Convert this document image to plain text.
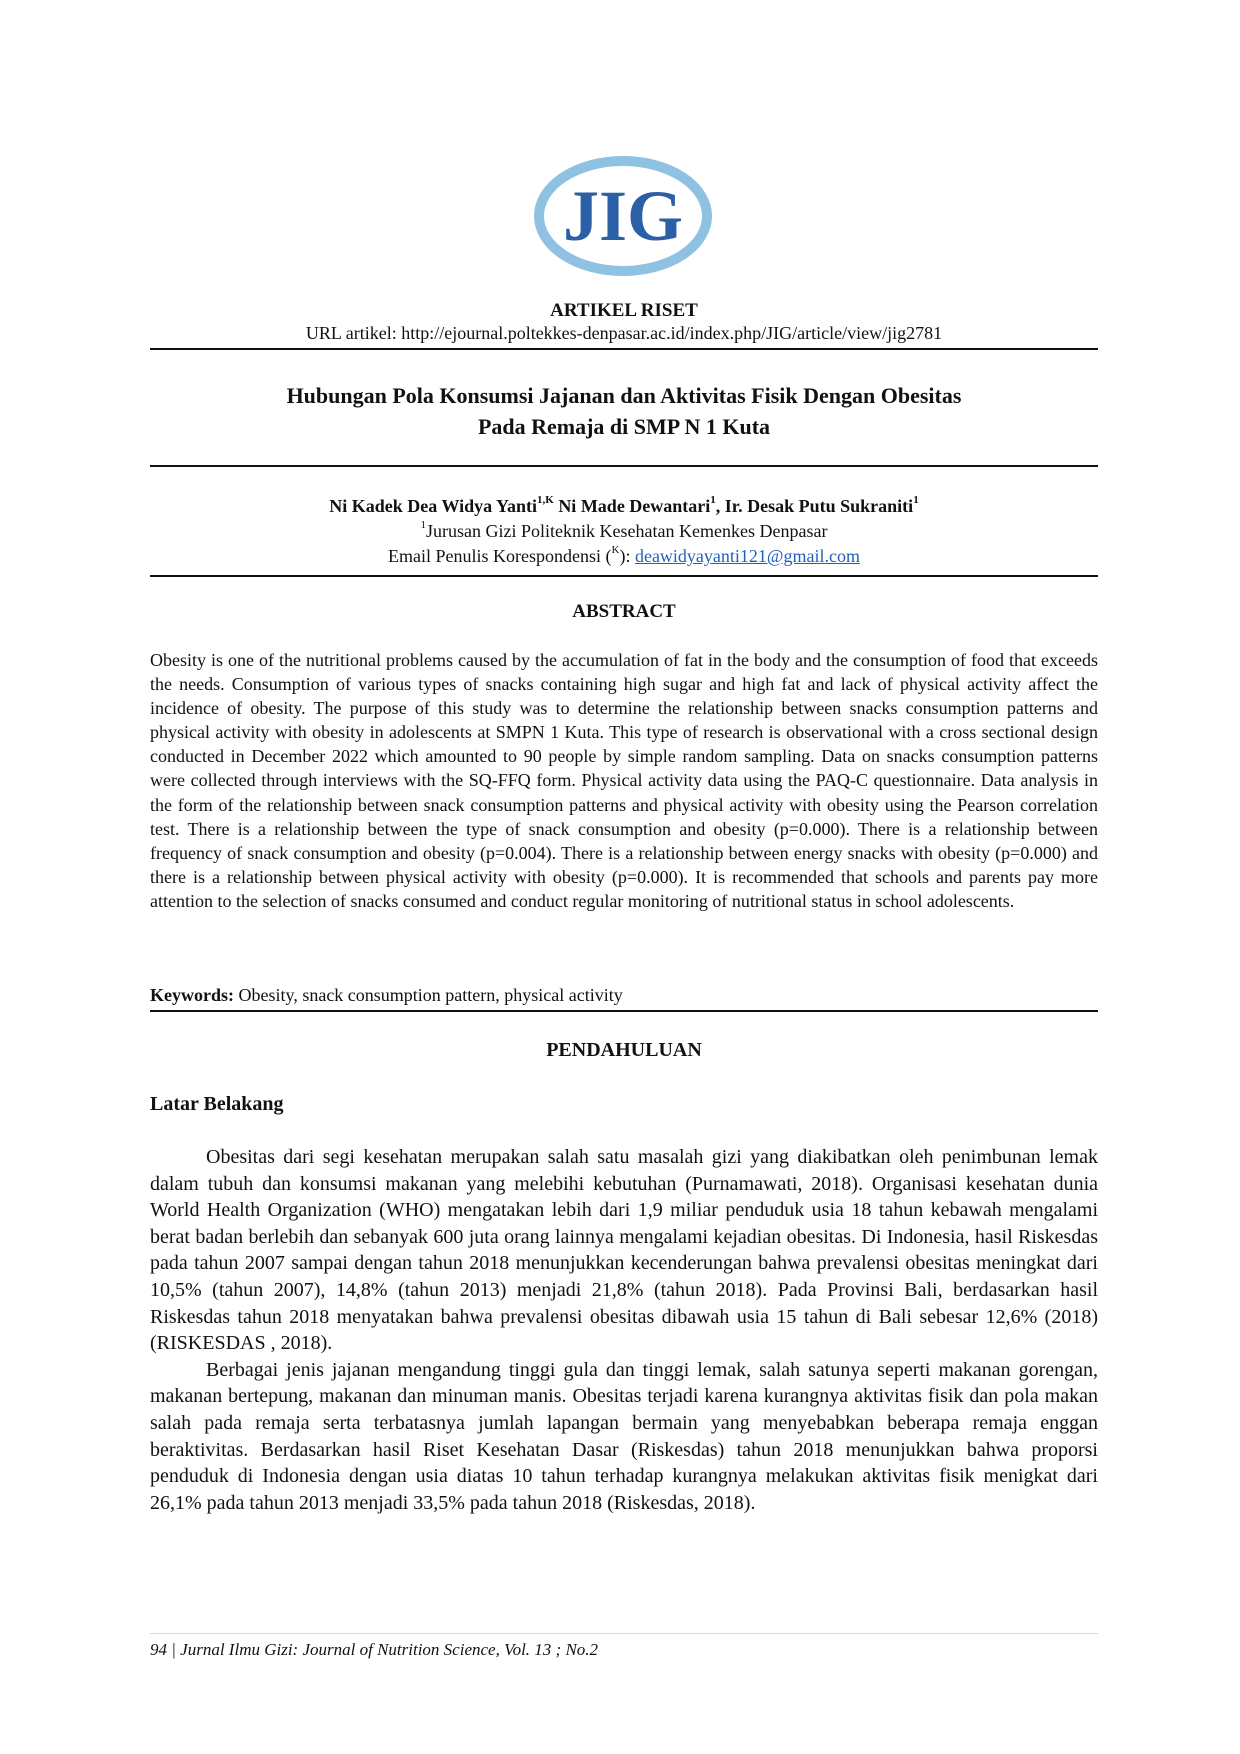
JIG
ARTIKEL RISET
URL artikel: http://ejournal.poltekkes-denpasar.ac.id/index.php/JIG/article/view/jig2781
Hubungan Pola Konsumsi Jajanan dan Aktivitas Fisik Dengan Obesitas
Pada Remaja di SMP N 1 Kuta
Ni Kadek Dea Widya Yanti$^{1,K}$ Ni Made Dewantari$^1$, Ir. Desak Putu Sukraniti$^1$
$^1$Jurusan Gizi Politeknik Kesehatan Kemenkes Denpasar
Email Penulis Korespondensi ($^K$): deawidyayanti121@gmail.com
ABSTRACT
Obesity is one of the nutritional problems caused by the accumulation of fat in the body and the consumption of food that exceeds the needs. Consumption of various types of snacks containing high sugar and high fat and lack of physical activity affect the incidence of obesity. The purpose of this study was to determine the relationship between snacks consumption patterns and physical activity with obesity in adolescents at SMPN 1 Kuta. This type of research is observational with a cross sectional design conducted in December 2022 which amounted to 90 people by simple random sampling. Data on snacks consumption patterns were collected through interviews with the SQ-FFQ form. Physical activity data using the PAQ-C questionnaire. Data analysis in the form of the relationship between snack consumption patterns and physical activity with obesity using the Pearson correlation test. There is a relationship between the type of snack consumption and obesity (p=0.000). There is a relationship between frequency of snack consumption and obesity (p=0.004). There is a relationship between energy snacks with obesity (p=0.000) and there is a relationship between physical activity with obesity (p=0.000). It is recommended that schools and parents pay more attention to the selection of snacks consumed and conduct regular monitoring of nutritional status in school adolescents.
Keywords: Obesity, snack consumption pattern, physical activity
PENDAHULUAN
Latar Belakang

Obesitas dari segi kesehatan merupakan salah satu masalah gizi yang diakibatkan oleh penimbunan lemak dalam tubuh dan konsumsi makanan yang melebihi kebutuhan (Purnamawati, 2018). Organisasi kesehatan dunia World Health Organization (WHO) mengatakan lebih dari 1,9 miliar penduduk usia 18 tahun kebawah mengalami berat badan berlebih dan sebanyak 600 juta orang lainnya mengalami kejadian obesitas. Di Indonesia, hasil Riskesdas pada tahun 2007 sampai dengan tahun 2018 menunjukkan kecenderungan bahwa prevalensi obesitas meningkat dari 10,5% (tahun 2007), 14,8% (tahun 2013) menjadi 21,8% (tahun 2018). Pada Provinsi Bali, berdasarkan hasil Riskesdas tahun 2018 menyatakan bahwa prevalensi obesitas dibawah usia 15 tahun di Bali sebesar 12,6% (2018) (RISKESDAS , 2018).

Berbagai jenis jajanan mengandung tinggi gula dan tinggi lemak, salah satunya seperti makanan gorengan, makanan bertepung, makanan dan minuman manis. Obesitas terjadi karena kurangnya aktivitas fisik dan pola makan salah pada remaja serta terbatasnya jumlah lapangan bermain yang menyebabkan beberapa remaja enggan beraktivitas. Berdasarkan hasil Riset Kesehatan Dasar (Riskesdas) tahun 2018 menunjukkan bahwa proporsi penduduk di Indonesia dengan usia diatas 10 tahun terhadap kurangnya melakukan aktivitas fisik menigkat dari 26,1% pada tahun 2013 menjadi 33,5% pada tahun 2018 (Riskesdas, 2018).

94 | Jurnal Ilmu Gizi: Journal of Nutrition Science, Vol. 13 ; No.2
